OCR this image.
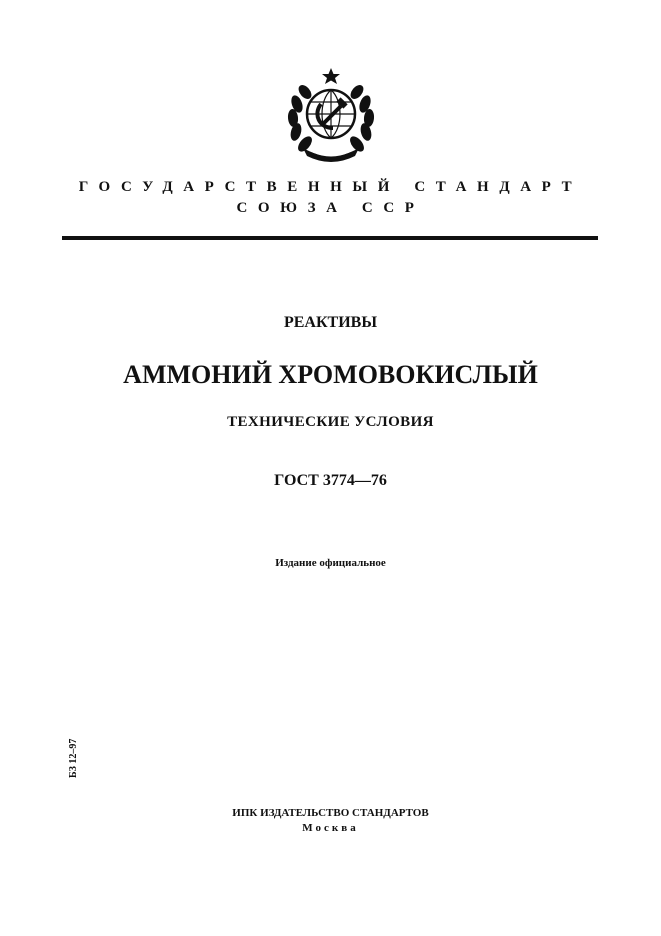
ГОСУДАРСТВЕННЫЙ СТАНДАРТ
СОЮЗА ССР
РЕАКТИВЫ
АММОНИЙ ХРОМОВОКИСЛЫЙ
ТЕХНИЧЕСКИЕ УСЛОВИЯ
ГОСТ 3774—76
Издание официальное
БЗ 12–97
ИПК ИЗДАТЕЛЬСТВО СТАНДАРТОВ
Москва
